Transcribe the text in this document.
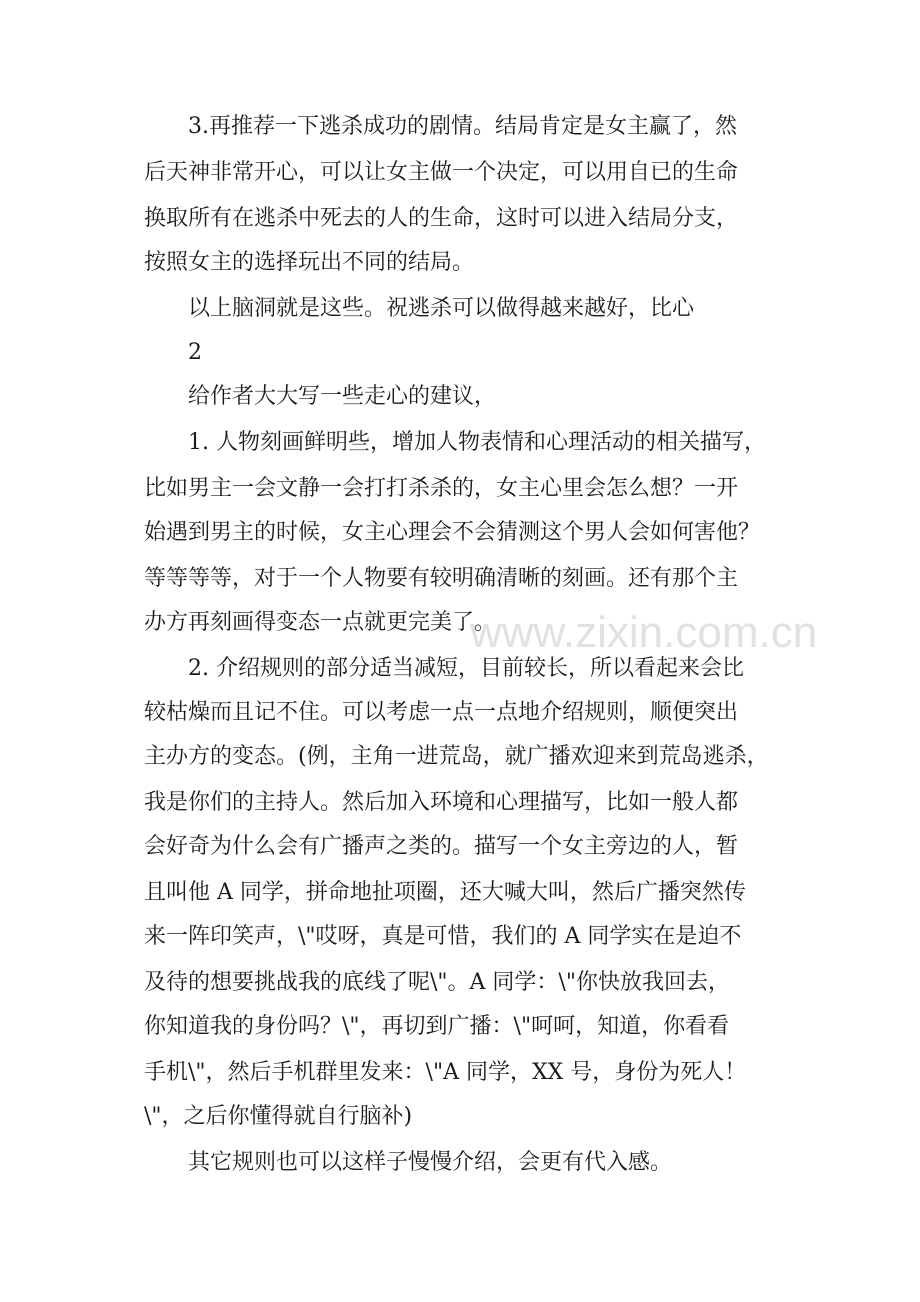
3.再推荐一下逃杀成功的剧情。结局肯定是女主赢了，然
后天神非常开心，可以让女主做一个决定，可以用自已的生命
换取所有在逃杀中死去的人的生命，这时可以进入结局分支，
按照女主的选择玩出不同的结局。
以上脑洞就是这些。祝逃杀可以做得越来越好，比心
2
给作者大大写一些走心的建议，
1. 人物刻画鲜明些，增加人物表情和心理活动的相关描写，
比如男主一会文静一会打打杀杀的，女主心里会怎么想？一开
始遇到男主的时候，女主心理会不会猜测这个男人会如何害他？
等等等等，对于一个人物要有较明确清晰的刻画。还有那个主
办方再刻画得变态一点就更完美了。
2. 介绍规则的部分适当减短，目前较长，所以看起来会比
较枯燥而且记不住。可以考虑一点一点地介绍规则，顺便突出
主办方的变态。(例，主角一进荒岛，就广播欢迎来到荒岛逃杀，
我是你们的主持人。然后加入环境和心理描写，比如一般人都
会好奇为什么会有广播声之类的。描写一个女主旁边的人，暂
且叫他 A 同学，拼命地扯项圈，还大喊大叫，然后广播突然传
来一阵印笑声，\"哎呀，真是可惜，我们的 A 同学实在是迫不
及待的想要挑战我的底线了呢\"。A 同学：\"你快放我回去，
你知道我的身份吗？\"，再切到广播：\"呵呵，知道，你看看
手机\"，然后手机群里发来：\"A 同学，XX 号，身份为死人！
\"，之后你懂得就自行脑补)
其它规则也可以这样子慢慢介绍，会更有代入感。
www.zixin.com.cn
